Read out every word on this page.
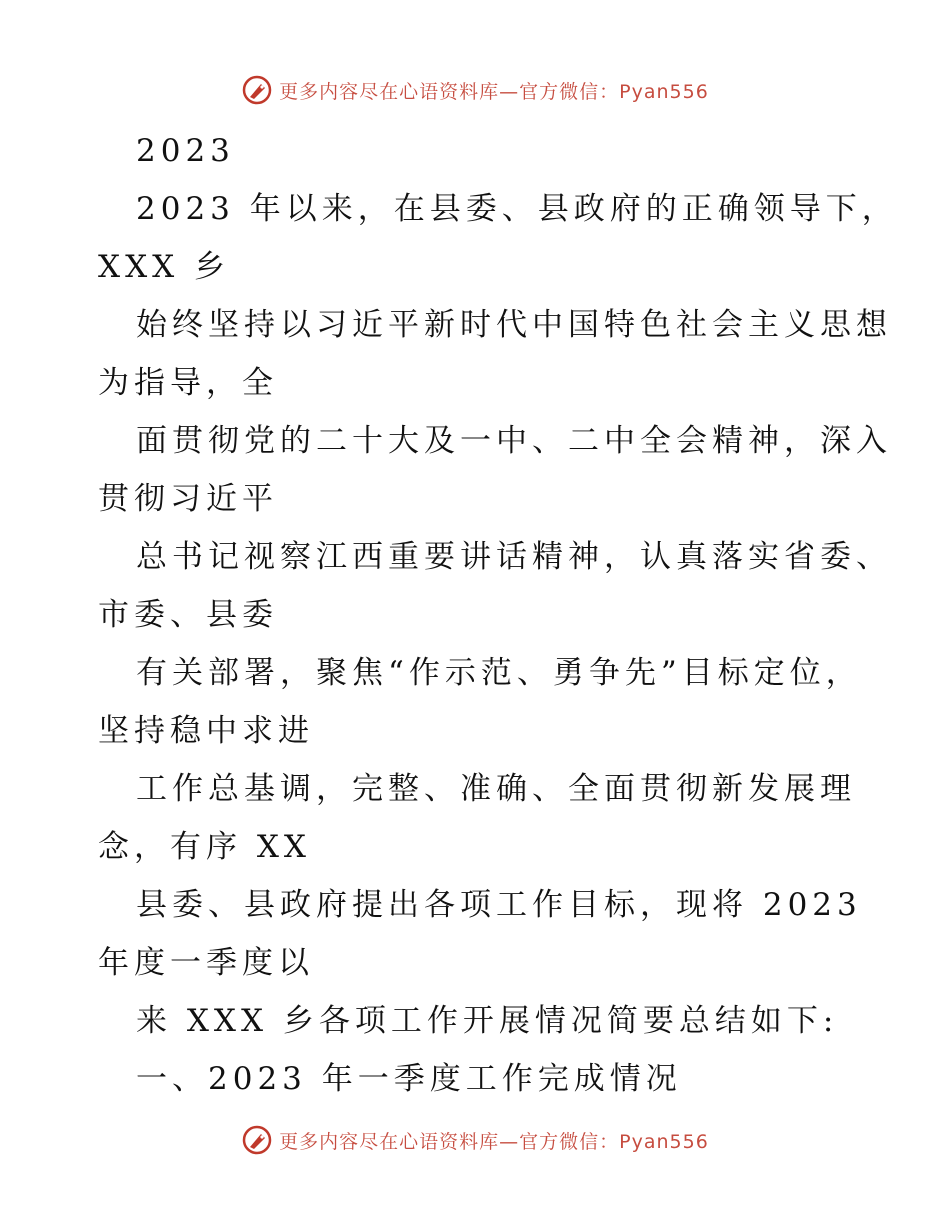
更多内容尽在心语资料库—官方微信：Pyan556

2023

2023 年以来，在县委、县政府的正确领导下，

XXX 乡

始终坚持以习近平新时代中国特色社会主义思想

为指导，全

面贯彻党的二十大及一中、二中全会精神，深入

贯彻习近平

总书记视察江西重要讲话精神，认真落实省委、

市委、县委

有关部署，聚焦“作示范、勇争先”目标定位，

坚持稳中求进

工作总基调，完整、准确、全面贯彻新发展理

念，有序 XX

县委、县政府提出各项工作目标，现将 2023

年度一季度以

来 XXX 乡各项工作开展情况简要总结如下:

一、2023 年一季度工作完成情况

更多内容尽在心语资料库—官方微信：Pyan556
